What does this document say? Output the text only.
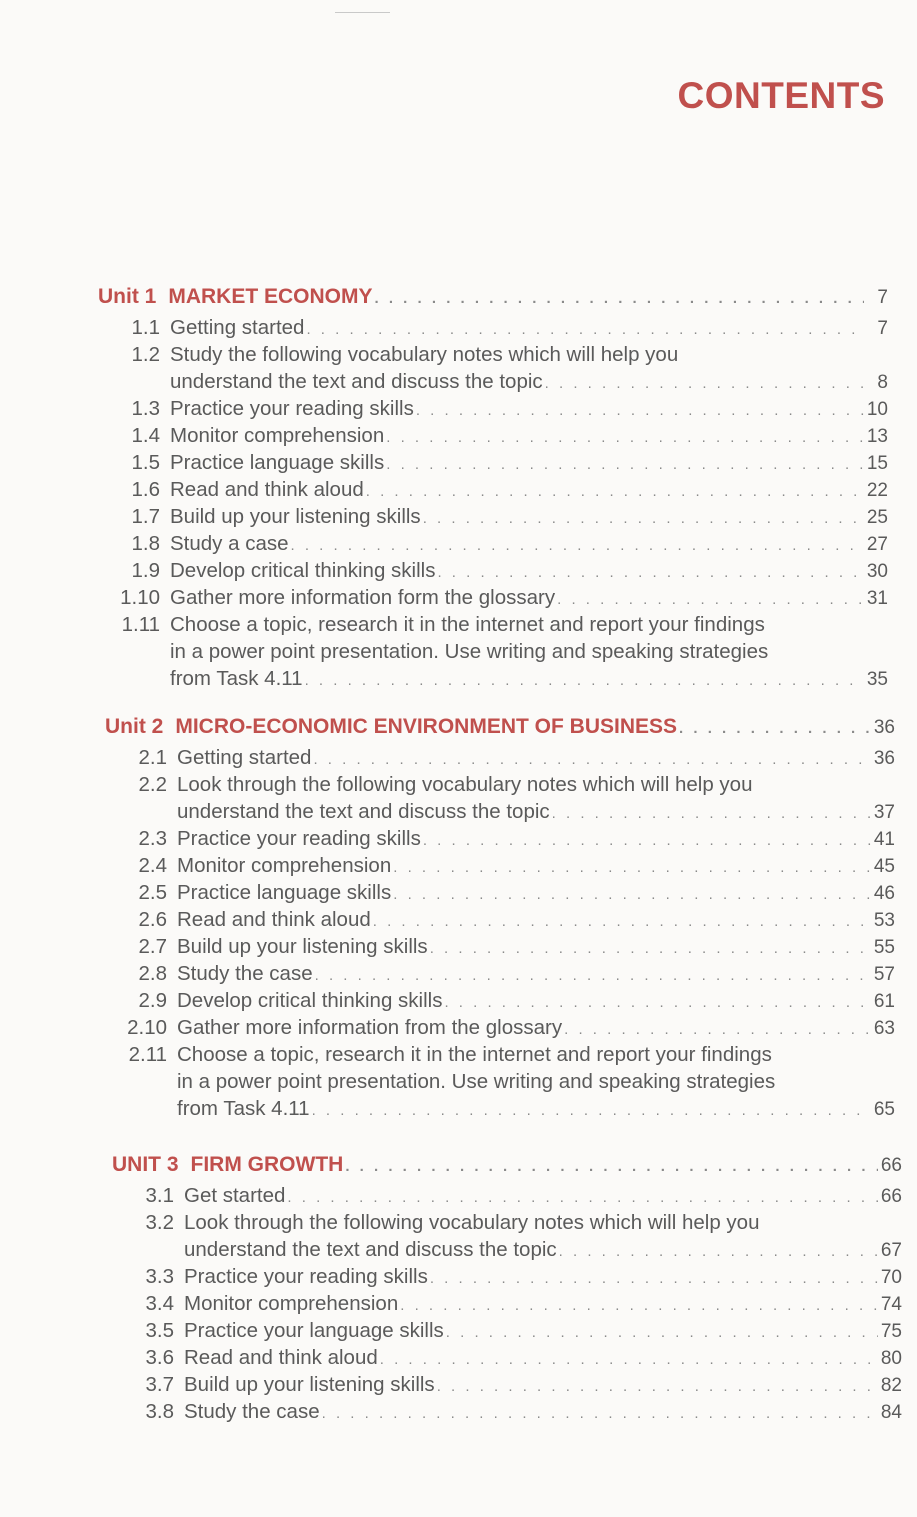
CONTENTS
Unit 1 MARKET ECONOMY . . .	7
1.1 Getting started . . .	7
1.2 Study the following vocabulary notes which will help you
understand the text and discuss the topic . . .	8
1.3 Practice your reading skills . . .	10
1.4 Monitor comprehension . . .	13
1.5 Practice language skills . . .	15
1.6 Read and think aloud . . .	22
1.7 Build up your listening skills . . .	25
1.8 Study a case . . .	27
1.9 Develop critical thinking skills . . .	30
1.10 Gather more information form the glossary . . .	31
1.11 Choose a topic, research it in the internet and report your findings
in a power point presentation. Use writing and speaking strategies
from Task 4.11 . . .	35
Unit 2 MICRO-ECONOMIC ENVIRONMENT OF BUSINESS . . .	36
2.1 Getting started . . .	36
2.2 Look through the following vocabulary notes which will help you
understand the text and discuss the topic . . .	37
2.3 Practice your reading skills . . .	41
2.4 Monitor comprehension . . .	45
2.5 Practice language skills . . .	46
2.6 Read and think aloud . . .	53
2.7 Build up your listening skills . . .	55
2.8 Study the case . . .	57
2.9 Develop critical thinking skills . . .	61
2.10 Gather more information from the glossary . . .	63
2.11 Choose a topic, research it in the internet and report your findings
in a power point presentation. Use writing and speaking strategies
from Task 4.11 . . .	65
UNIT 3 FIRM GROWTH . . .	66
3.1 Get started . . .	66
3.2 Look through the following vocabulary notes which will help you
understand the text and discuss the topic . . .	67
3.3 Practice your reading skills . . .	70
3.4 Monitor comprehension . . .	74
3.5 Practice your language skills . . .	75
3.6 Read and think aloud . . .	80
3.7 Build up your listening skills . . .	82
3.8 Study the case . . .	84
